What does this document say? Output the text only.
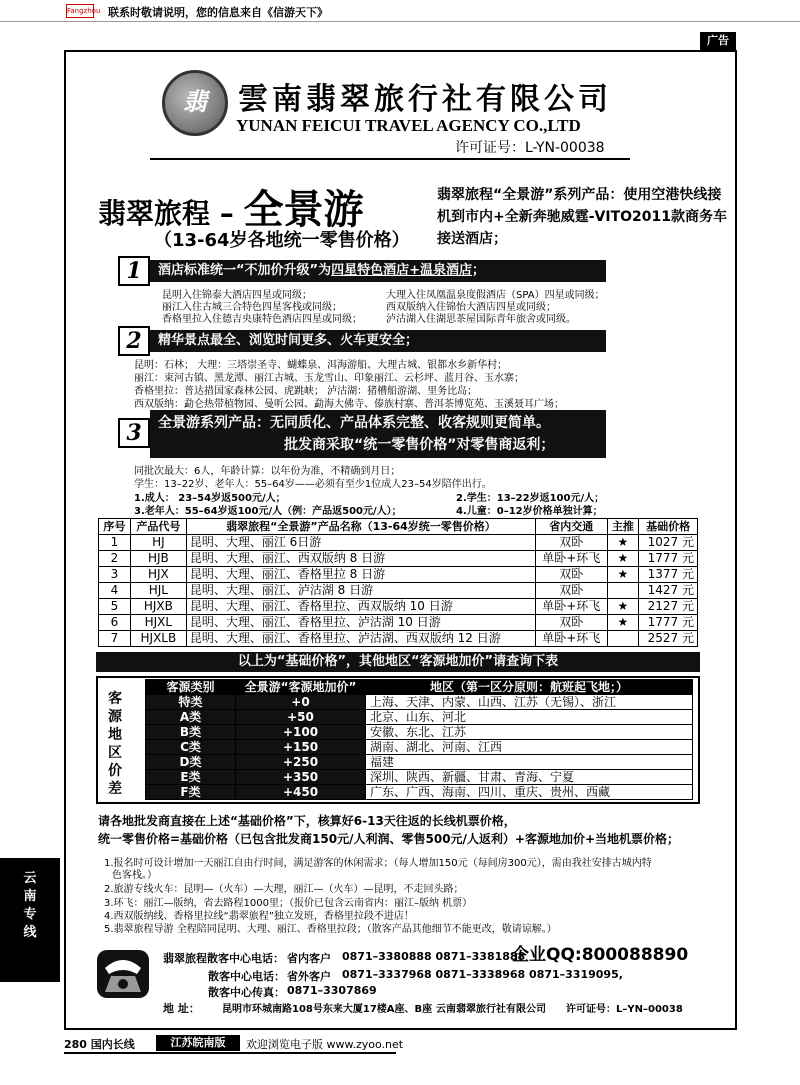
Fangzhou 联系时敬请说明，您的信息来自《信游天下》
广告
翡	雲南翡翠旅行社有限公司
YUNAN FEICUI TRAVEL AGENCY CO.,LTD
许可证号：L-YN-00038
翡翠旅程 – 全景游
（13-64岁各地统一零售价格）
翡翠旅程“全景游”系列产品：使用空港快线接机到市内+全新奔驰威霆-VITO2011款商务车接送酒店；
1	酒店标准统一“不加价升级”为四星特色酒店+温泉酒店；
昆明入住锦泰大酒店四星或同级；	大理入住凤凰温泉度假酒店（SPA）四星或同级；
丽江入住古城三合特色四星客栈或同级；	西双版纳入住锦怡大酒店四星或同级；
香格里拉入住德吉央康特色酒店四星或同级； 泸沽湖入住湖思茶屋国际青年旅舍或同级。
2	精华景点最全、浏览时间更多、火车更安全；
昆明：石林； 大理：三塔崇圣寺、蝴蝶泉、洱海游船、大理古城、银都水乡新华村；
丽江：束河古镇、黑龙潭、丽江古城、玉龙雪山、印象丽江、云杉坪、蓝月谷、玉水寨；
香格里拉：普达措国家森林公园、虎跳峡； 泸沽湖：猪槽船游湖、里务比岛；
西双版纳：勐仑热带植物园、曼听公园、勐海大佛寺、傣族村寨、普洱茶博览苑、玉溪聂耳广场；
3	全景游系列产品：无同质化、产品体系完整、收客规则更简单。
批发商采取“统一零售价格”对零售商返利；
同批次最大：6人，年龄计算：以年份为准，不精确到月日；
学生：13–22岁、老年人：55–64岁——必须有至少1位成人23–54岁陪伴出行。
1.成人： 23–54岁返500元/人；	2.学生：13–22岁返100元/人；
3.老年人：55–64岁返100元/人（例：产品返500元/人）；	4.儿童：0–12岁价格单独计算；
序号	产品代号	翡翠旅程“全景游”产品名称（13-64岁统一零售价格）	省内交通	主推	基础价格
1	HJ	昆明、大理、丽江 6日游	双卧	★	1027 元
2	HJB	昆明、大理、丽江、西双版纳 8 日游	单卧+环飞	★	1777 元
3	HJX	昆明、大理、丽江、香格里拉 8 日游	双卧	★	1377 元
4	HJL	昆明、大理、丽江、泸沽湖 8 日游	双卧		1427 元
5	HJXB	昆明、大理、丽江、香格里拉、西双版纳 10 日游	单卧+环飞	★	2127 元
6	HJXL	昆明、大理、丽江、香格里拉、泸沽湖 10 日游	双卧	★	1777 元
7	HJXLB	昆明、大理、丽江、香格里拉、泸沽湖、西双版纳 12 日游	单卧+环飞		2527 元
以上为“基础价格”，其他地区“客源地加价”请查询下表
客
源
地
区
价
差
客源类别	全景游“客源地加价”	地区（第一区分原则：航班起飞地；）
特类	+0	上海、天津、内蒙、山西、江苏（无锡）、浙江
A类	+50	北京、山东、河北
B类	+100	安徽、东北、江苏
C类	+150	湖南、湖北、河南、江西
D类	+250	福建
E类	+350	深圳、陕西、新疆、甘肃、青海、宁夏
F类	+450	广东、广西、海南、四川、重庆、贵州、西藏
请各地批发商直接在上述“基础价格”下，核算好6-13天往返的长线机票价格，
统一零售价格=基础价格（已包含批发商150元/人利润、零售500元/人返利）+客源地加价+当地机票价格；
1.报名时可设计增加一天丽江自由行时间，满足游客的休闲需求；（每人增加150元（每间房300元），需由我社安排古城内特
色客栈。）
2.旅游专线火车：昆明—（火车）—大理，丽江—（火车）—昆明，不走回头路；
3.环飞：丽江—版纳，省去路程1000里；（报价已包含云南省内：丽江–版纳 机票）
4.西双版纳线、香格里拉线“翡翠旅程”独立发班，香格里拉段不进店！
5.翡翠旅程导游 全程陪同昆明、大理、丽江、香格里拉段；（散客产品其他细节不能更改，敬请谅解。）
翡翠旅程散客中心电话： 省内客户 0871–3380888 0871–3381888
散客中心电话： 省外客户 0871–3337968 0871–3338968 0871–3319095,
散客中心传真： 0871–3307869
企业QQ:800088890
地 址： 昆明市环城南路108号东来大厦17楼A座、B座 云南翡翠旅行社有限公司 许可证号：L–YN–00038
云
南
专
线
280 国内长线	江苏皖南版	欢迎浏览电子版 www.zyoo.net
